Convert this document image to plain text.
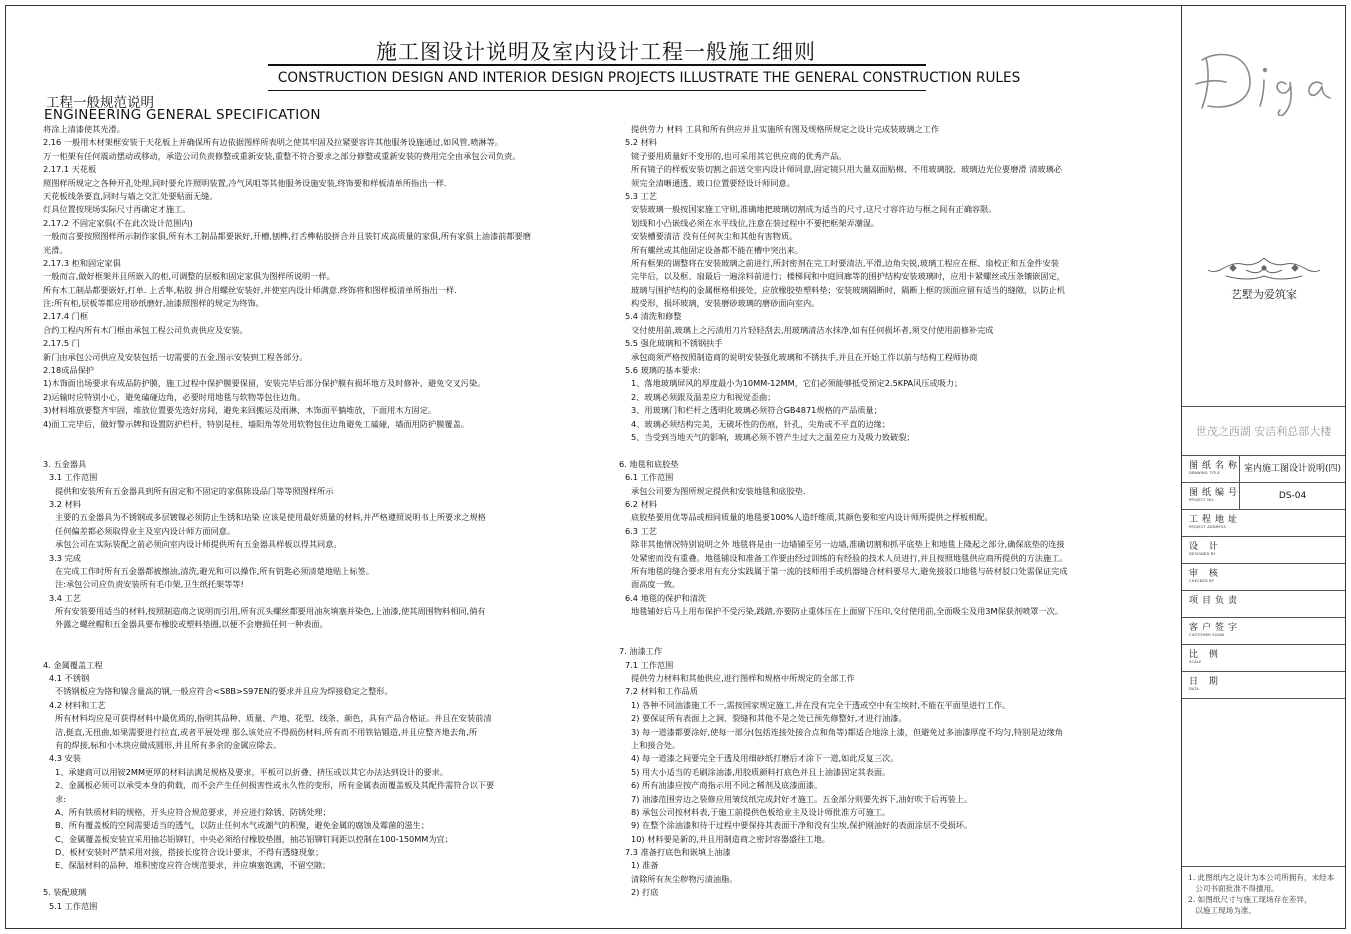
施工图设计说明及室内设计工程一般施工细则
CONSTRUCTION DESIGN AND INTERIOR DESIGN PROJECTS ILLUSTRATE THE GENERAL CONSTRUCTION RULES
工程一般规范说明
ENGINEERING GENERAL SPECIFICATION
将涂上清漆使其光滑。
2.16 一般用木材架框安装于天花板上并确保所有边依据图样所表明之使其牢固及拉紧要容许其他服务设施通过,如风管,喷淋等。
万一柜架有任何震动摆动或移动，承造公司负责修整或重新安装,重整不符合要求之部分修整或重新安装的费用完全由承包公司负责。
2.17.1 天花板
照图样所规定之各种开孔处理,同时要允许照明装置,冷气风咀等其他服务设施安装,终饰要和样板清单所指出一样.
天花板线条要直,同时与墙之交汇处要贴面无缝。
灯具位置按现场实际尺寸再确定才施工。
2.17.2 不固定家俱(不在此次设计范围内)
一般而言要按照图样所示制作家俱,所有木工制品都要嵌好,开槽,刨榫,打舌榫粘胶拼合并且装钉成高质量的家俱,所有家俱上油漆前都要磨
光滑。
2.17.3 柜和固定家俱
一般而言,做好框架并且所嵌入的柜,可调整的层板和固定家俱为图样所说明一样。
所有木工制品都要嵌好,打单. 上舌隼,粘胶 拼合用螺丝安装好,并使室内设计师满意.终饰将和图样板清单所指出一样.
注:所有柜,层板等都应用砂纸磨好,油漆照图样的规定为终饰。
2.17.4 门框
合约工程内所有木门框由承包工程公司负责供应及安装。
2.17.5 门
新门由承包公司供应及安装包括一切需要的五金,图示安装到工程各部分。
2.18成品保护
1)木饰面出场要求有成品防护膜，施工过程中保护膜要保留，安装完毕后部分保护膜有损坏地方及时修补，避免交叉污染。
2)运输时应特别小心，避免磕碰边角，必要时用地毯与软物等包住边角。
3)材料堆放要整齐牢固，堆放位置要先选好房间，避免来回搬运及雨淋，木饰面平躺堆放，下面用木方固定。
4)面工完毕后，做好警示牌和设置防护栏杆，特别是柱、墙阳角等处用软物包住边角避免工磕碰，墙面用防护膜覆盖。
3. 五金器具
3.1 工作范围
提供和安装所有五金器具到所有固定和不固定的家俱陈设品门等等照图样所示
3.2 材料
主要的五金器具为不锈钢或多层镀镍必须防止生锈和玷染 应该是使用最好质量的材料,并严格遵照说明书上所要求之规格
任何偏差都必须取得业主及室内设计师方面同意。
承包公司在实际装配之前必须向室内设计师提供所有五金器具样板以得其同意。
3.3 完成
在完成工作时所有五金器都被擦油,清洗,避光和可以操作,所有钥匙必须清楚地贴上标签。
注:承包公司应负责安装所有毛巾架,卫生纸托架等等!
3.4 工艺
所有安装要用适当的材料,按照制造商之说明而引用,所有沉头螺丝都要用油灰填塞并染色,上油漆,使其周围物料相同,倘有
外露之螺丝帽和五金器具要布橡胶或塑料垫圈,以便不会磨损任何一种表面。
4. 金属覆盖工程
4.1 不锈钢
不锈钢板应为铬和镍含量高的钢,一般应符合<S8B>S97EN的要求并且应为焊接稳定之整形。
4.2 材料和工艺
所有材料均应是可获得材料中最优质的,指明其品种、质量、产地、花型、线条、颜色，具有产品合格证。并且在安装前清
洁,挺直,无扭曲,如果需要进行拉直,或者平展处理 那么该处应不得损伤材料,所有而不用铁钻锻造,并且应整齐地去角,所
有的焊接,标和小木块应做成圆形,并且所有多余的金属应除去。
4.3 安装
1、承建商可以用铵2MM更厚的材料法满足规格及要求，平板可以折叠、挤压或以其它办法达到设计的要求。
2、金属板必须可以承受本身的荷载，而不会产生任何损害性或永久性的变形，所有金属表面覆盖板及其配件需符合以下要
求:
A、所有铁质材料的规格，开头应符合规范要求，并应进行除锈、防锈处理；
B、所有覆盖板的空间需要适当的透气，以防止任何水气或潮气的积聚，避免金属的腐蚀及霉菌的滋生；
C、金属覆盖板安装宜采用抽芯铝铆钉，中央必须给付橡胶垫圈，抽芯铝铆钉间距以控制在100-150MM为宜；
D、板材安装时严禁采用对接，搭接长度符合设计要求，不得有透缝现象；
E、保温材料的品种，堆积密度应符合规范要求，并应填塞饱满，不留空隙；
5. 装配玻璃
5.1 工作范围
提供劳力 材料 工具和所有供应并且实施所有图及规格所规定之设计完成装玻璃之工作
5.2 材料
镜子要用质量好不变形的,也可采用其它供应商的优秀产品。
所有镜子的样板安装切割之前送交室内设计师同意,固定镜只用大量双面贴棉、不用玻璃胶、玻璃边光位要磨滑 清玻璃必
须完全清晰通透、玻口位置要经设计师同意。
5.3 工艺
安装玻璃一般按国家施工守则,准确地把玻璃切割成为适当的尺寸,这尺寸容许边与框之间有正确容限。
划线和小凸嵌线必须在水平线位,注意在装过程中不要把框架弄潮湿。
安装槽要清洁 没有任何灰尘和其他有害物质。
所有螺丝或其他固定设备都不能在槽中突出来。
所有框架的调整将在安装玻璃之前进行,所封密剂在完工时要清洁,平滑,边角尖锐,玻璃工程应在框、扇校正和五金件安装
完毕后，以及框、扇最后一遍涂料前进行；楼梯间和中庭回廊等的围护结构安装玻璃时，应用卡紧螺丝或压条镶嵌固定，
玻璃与围护结构的金属框格相接处，应放橡胶垫塑料垫；安装玻璃隔断时，隔断上框的顶面应留有适当的缝隙，以防止机
构受形，损坏玻璃，安装磨砂玻璃的磨砂面向室内。
5.4 清洗和修整
交付使用前,玻璃上之污渍用刀片轻轻刮去,用玻璃清洁水抹净,如有任何损坏者,须交付使用前修补完成
5.5 强化玻璃和不锈钢扶手
承包商须严格按照制造商的说明安装强化玻璃和不锈扶手,并且在开始工作以前与结构工程师协商
5.6 玻璃的基本要求:
1、落地玻璃屏风的厚度最小为10MM-12MM，它们必须能够抵受预定2.5KPA风压或吸力；
2、玻璃必须跟及温差应力和视觉歪曲；
3、用玻璃门和栏杆之透明化玻璃必须符合GB4871规格的产品质量；
4、玻璃必须结构完美，无破坏性的伤痕，针孔，尖角或不平直的边缘；
5、当受到当地天气的影响，玻璃必须不管产生过大之温差应力及吸力致破裂；
6. 地毯和底胶垫
6.1 工作范围
承包公司要为图所规定提供和安装地毯和底胶垫.
6.2 材料
底胶垫要用优等品或相同质量的地毯要100%人造纤维质,其颜色要和室内设计师所提供之样板相配。
6.3 工艺
除非其他情况特别说明之外 地毯将是由一边墙铺至另一边墙,准确切割和抓平底垫上和地毯上隆起之部分,确保底垫的连接
处紧密而没有重叠。地毯铺设和准备工作要由经过训练的有经验的技术人员进行,并且按照地毯供应商所提供的方法施工。
所有地毯的缝合要求用有充分实践属于第一流的技师用手或机器缝合材料要尽大,避免接驳口地毯与砖材驳口处需保证完成
面高度一致。
6.4 地毯的保护和清洗
地毯铺好后马上用布保护不受污染,践踏,亦要防止重体压在上面留下压印,交付使用前,全面吸尘及用3M保获剂喷罩一次。
7. 油漆工作
7.1 工作范围
提供劳力材料和其他供应,进行图样和规格中所规定的全部工作
7.2 材料和工作品质
1) 各种不同油漆施工不一,需按国家规定施工,并在没有完全干透或空中有尘埃时,不能在平面里进行工作。
2) 要保证所有表面上之洞、裂缝和其他不是之处已预先修整好,才进行油漆。
3) 每一道漆都要涂好,使每一部分(包括连接处接合点和角等)都适合地涂上漆，但避免过多油漆厚度不均匀,特别是边缘角
上和接合处。
4) 每一道漆之间要完全干透及用细砂纸打磨后才涂下一道,如此反复三次。
5) 用大小适当的毛刷涂油漆,用胶质颜料打底色并且上油漆固定其表面。
6) 所有油漆应按产商指示用不同之稀剂及底漆面漆。
7) 油漆范围旁边之装修应用皱纹纸完成封好才施工。五金部分则要先拆下,油好吹干后再装上。
8) 承包公司按材料表,于施工前提供色板给业主及设计师批准方可施工。
9) 在整个涂油漆和待干过程中要保持其表面干净和没有尘埃,保护刚油好的表面涂层不受损坏。
10) 材料要是新的,并且用制造商之密封容器盛往工地。
7.3 准备打底色和嵌填上油漆
1) 准备
清除所有灰尘秽物污渍油脂。
2) 打底
艺墅为爱筑家
世茂之西湖 安洁利总部大楼
图纸名称
DRAWING TITLE	室内施工图设计说明(四)
图纸编号
PROJECT NO.	DS-04
工程地址
PROJECT ADDRESS
设 计
DESIGNED BY
审 核
CHECKED BY
项目负责
客户签字
CUSTOMER SIGNS
比 例
SCALE
日 期
DATA
1. 此图纸内之设计为本公司所拥有，未经本
公司书面批准不得擅用。
2. 如图纸尺寸与施工现场存在差异，
以施工现场为准。
